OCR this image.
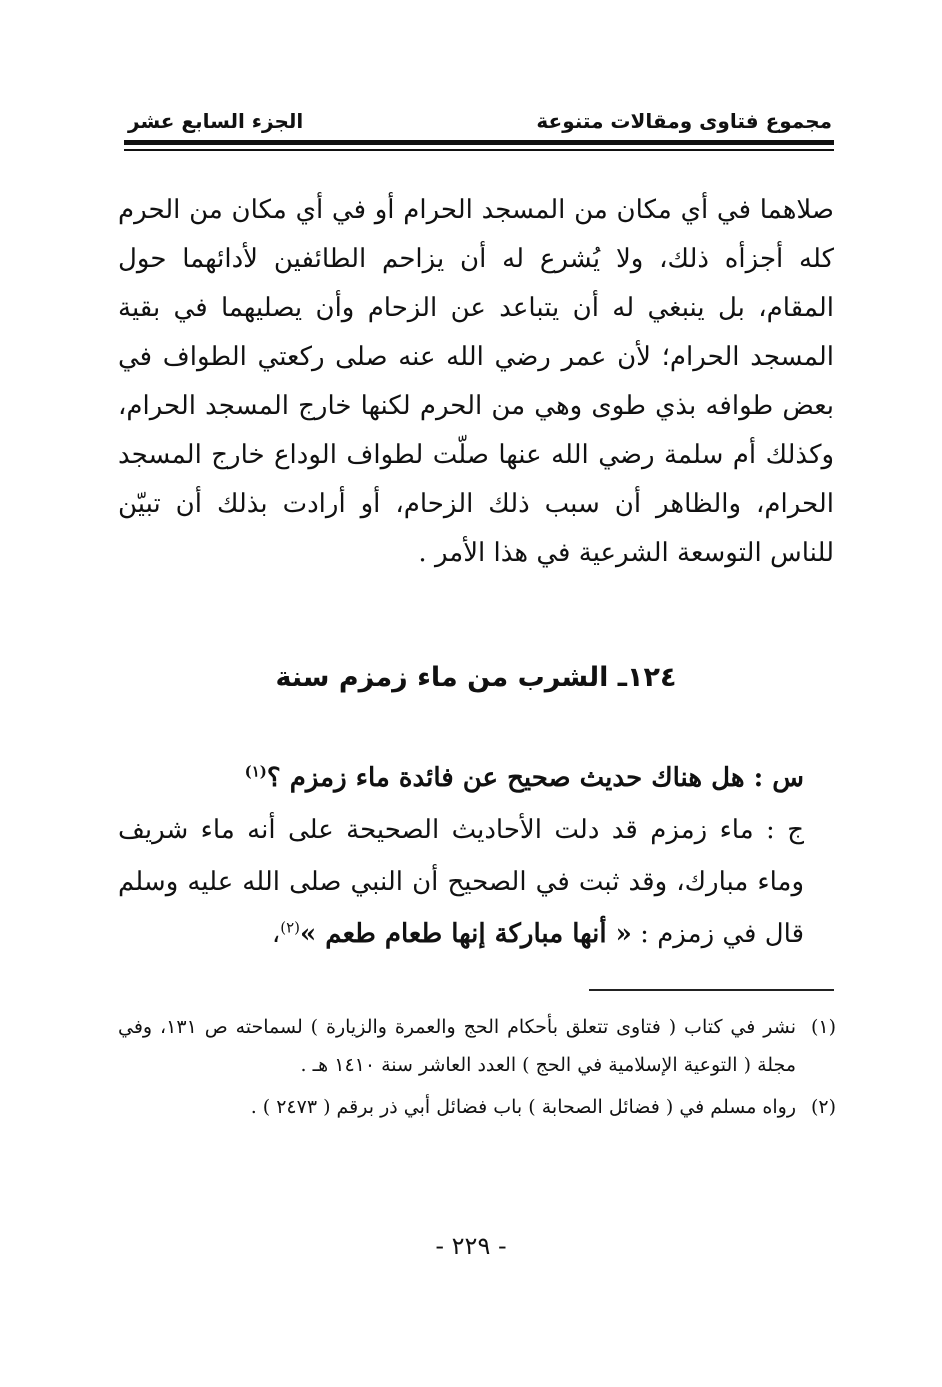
مجموع فتاوى ومقالات متنوعة
الجزء السابع عشر

صلاهما في أي مكان من المسجد الحرام أو في أي مكان من الحرم كله أجزأه ذلك، ولا يُشرع له أن يزاحم الطائفين لأدائهما حول المقام، بل ينبغي له أن يتباعد عن الزحام وأن يصليهما في بقية المسجد الحرام؛ لأن عمر رضي الله عنه صلى ركعتي الطواف في بعض طوافه بذي طوى وهي من الحرم لكنها خارج المسجد الحرام، وكذلك أم سلمة رضي الله عنها صلّت لطواف الوداع خارج المسجد الحرام، والظاهر أن سبب ذلك الزحام، أو أرادت بذلك أن تبيّن للناس التوسعة الشرعية في هذا الأمر .

١٢٤ـ الشرب من ماء زمزم سنة

س : هل هناك حديث صحيح عن فائدة ماء زمزم ؟$^{(١)}$

ج : ماء زمزم قد دلت الأحاديث الصحيحة على أنه ماء شريف وماء مبارك، وقد ثبت في الصحيح أن النبي صلى الله عليه وسلم قال في زمزم : « أنها مباركة إنها طعام طعم »$^{(٢)}$،

(١)
نشر في كتاب ( فتاوى تتعلق بأحكام الحج والعمرة والزيارة ) لسماحته ص ١٣١، وفي مجلة ( التوعية الإسلامية في الحج ) العدد العاشر سنة ١٤١٠ هـ .
(٢)
رواه مسلم في ( فضائل الصحابة ) باب فضائل أبي ذر برقم ( ٢٤٧٣ ) .
- ٢٢٩ -
